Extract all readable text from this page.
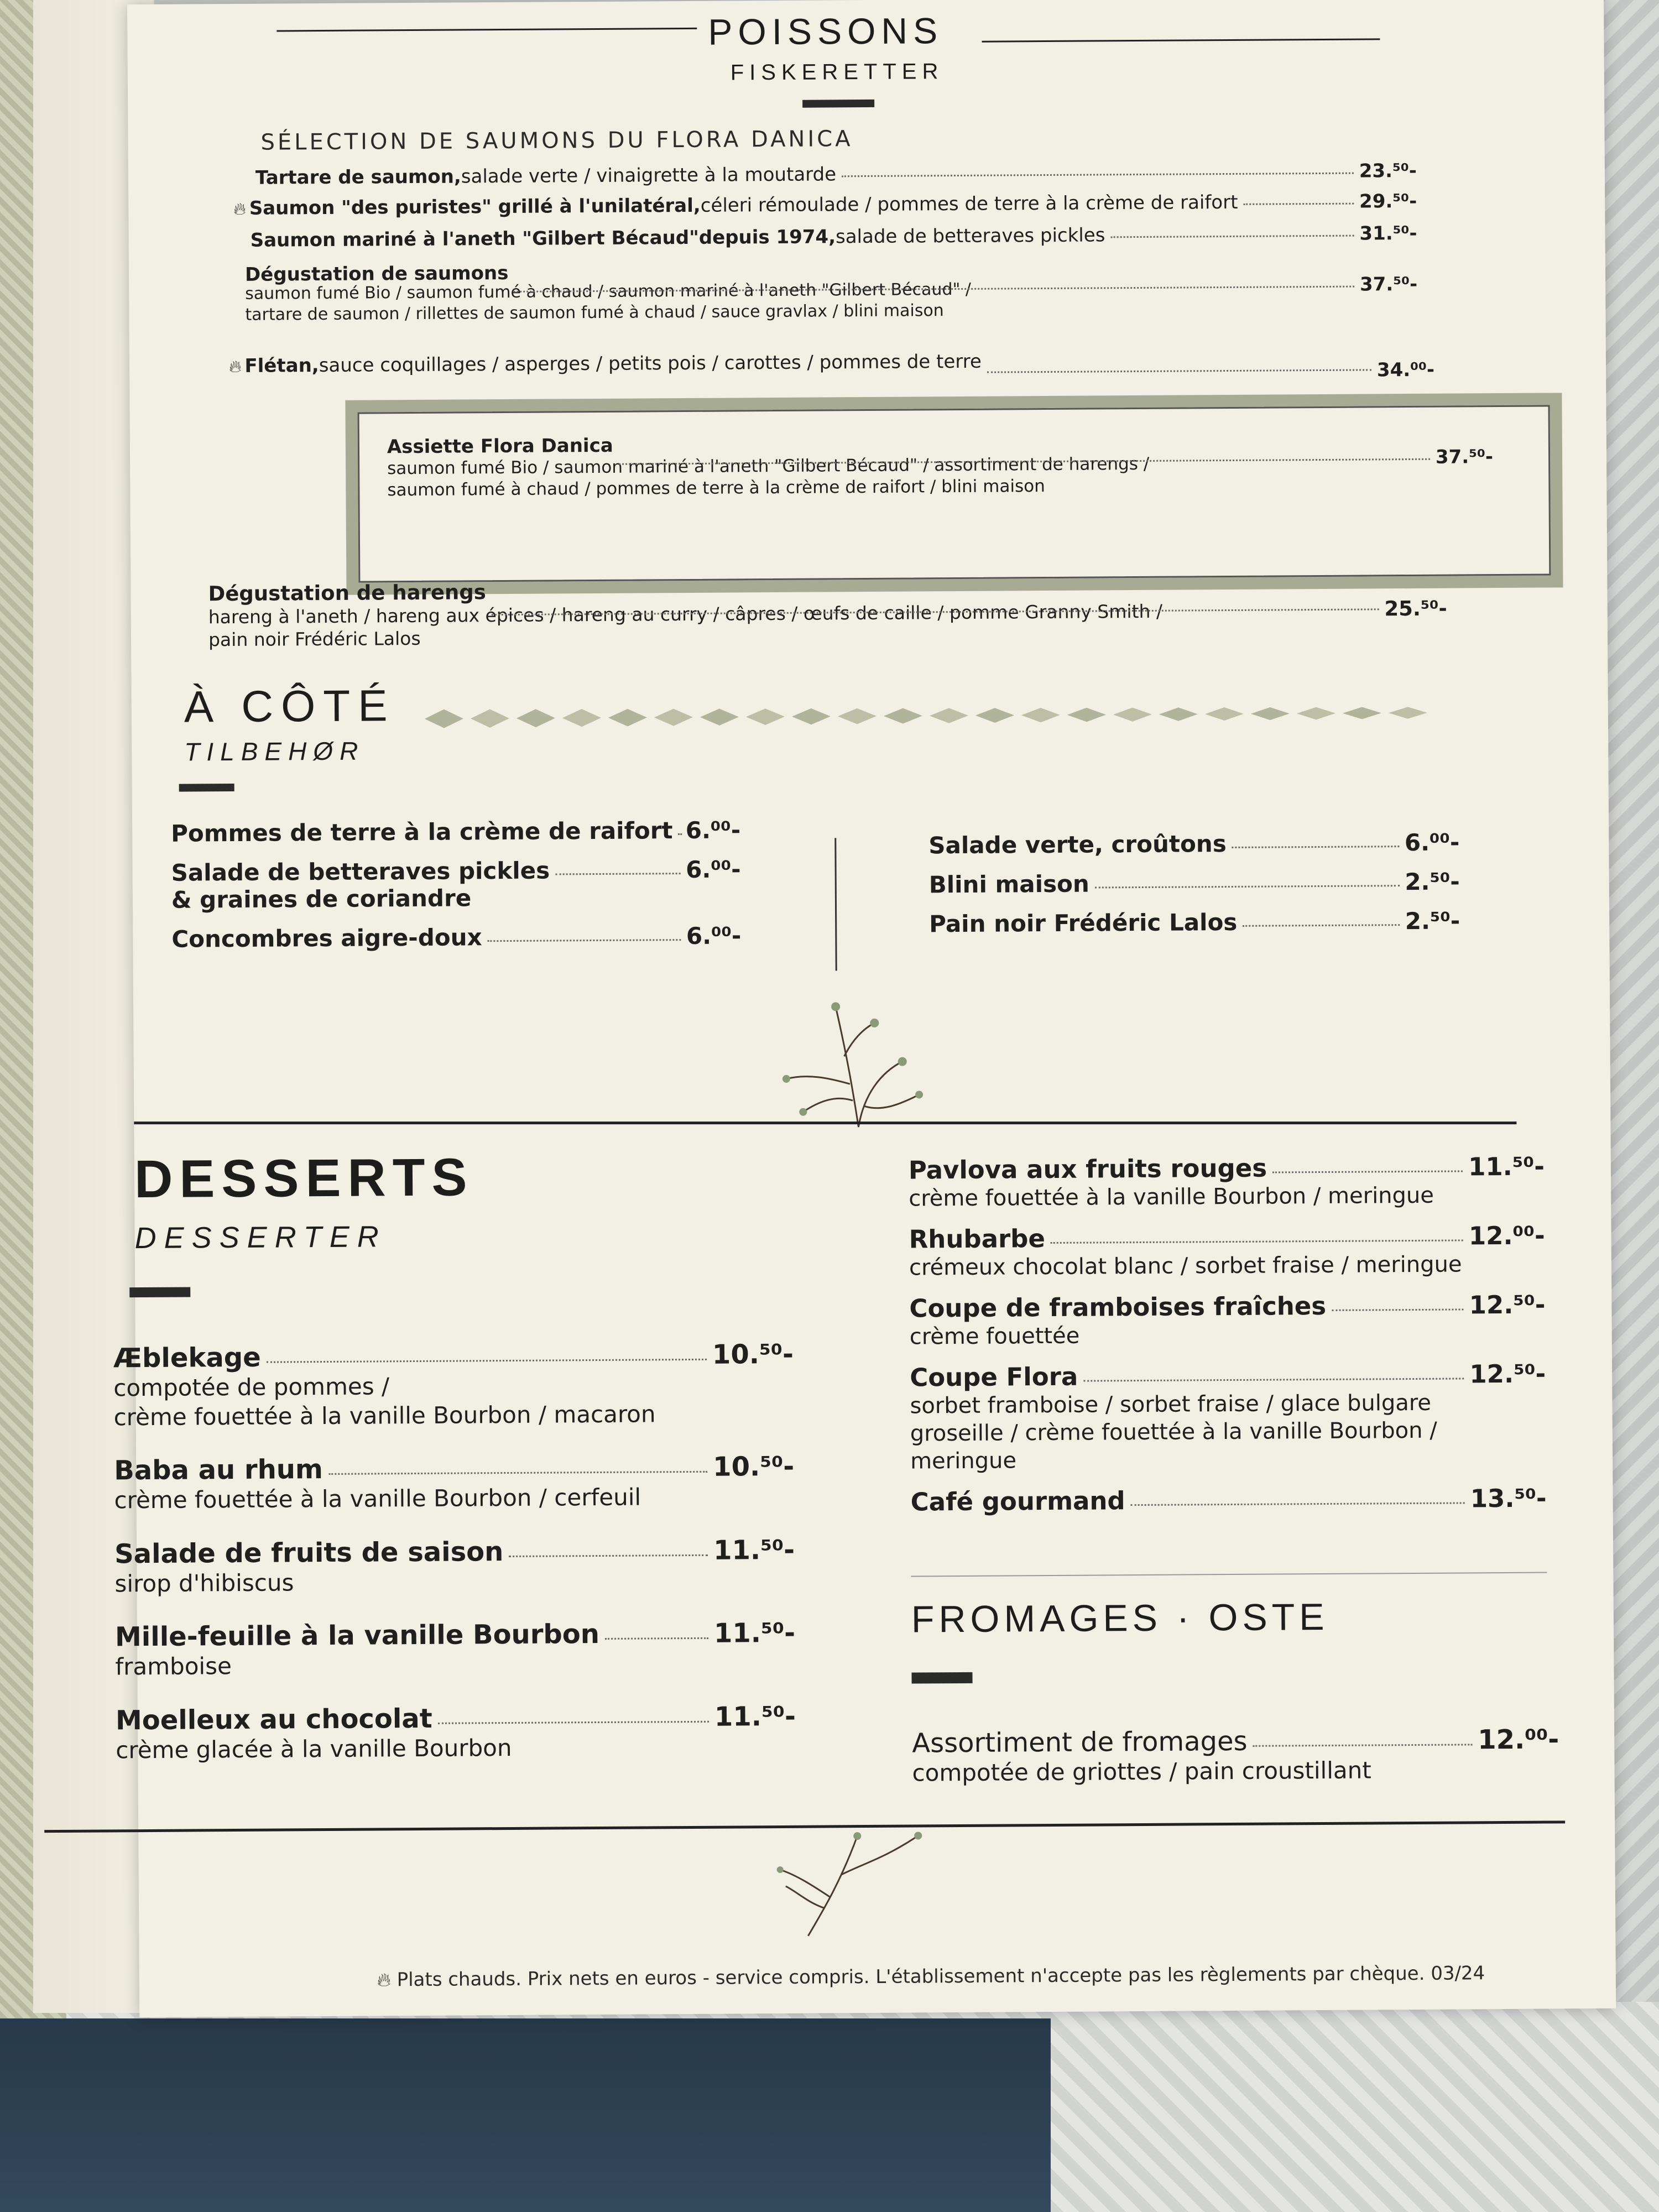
POISSONS
FISKERETTER
SÉLECTION DE SAUMONS DU FLORA DANICA
Tartare de saumon, salade verte / vinaigrette à la moutarde	23.⁵⁰-
🔥︎ Saumon "des puristes" grillé à l'unilatéral, céleri rémoulade / pommes de terre à la crème de raifort	29.⁵⁰-
Saumon mariné à l'aneth "Gilbert Bécaud"depuis 1974, salade de betteraves pickles	31.⁵⁰-
Dégustation de saumons	37.⁵⁰-
saumon fumé Bio / saumon fumé à chaud / saumon mariné à l'aneth "Gilbert Bécaud" /
tartare de saumon / rillettes de saumon fumé à chaud / sauce gravlax / blini maison
🔥︎ Flétan, sauce coquillages / asperges / petits pois / carottes / pommes de terre	34.⁰⁰-
Assiette Flora Danica	37.⁵⁰-
saumon fumé Bio / saumon mariné à l'aneth "Gilbert Bécaud" / assortiment de harengs /
saumon fumé à chaud / pommes de terre à la crème de raifort / blini maison
Dégustation de harengs
25.⁵⁰-
hareng à l'aneth / hareng aux épices / hareng au curry / câpres / œufs de caille / pomme Granny Smith /
pain noir Frédéric Lalos
À CÔTÉ
TILBEHØR
Pommes de terre à la crème de raifort 6.⁰⁰-
Salade de betteraves pickles
& graines de coriandre
6.⁰⁰-
Concombres aigre-doux	6.⁰⁰-
Salade verte, croûtons	6.⁰⁰-
Blini maison	2.⁵⁰-
Pain noir Frédéric Lalos	2.⁵⁰-
DESSERTS
DESSERTER
Æblekage	10.⁵⁰-
compotée de pommes /
crème fouettée à la vanille Bourbon / macaron
Baba au rhum	10.⁵⁰-
crème fouettée à la vanille Bourbon / cerfeuil
Salade de fruits de saison	11.⁵⁰-
sirop d'hibiscus
Mille-feuille à la vanille Bourbon	11.⁵⁰-
framboise
Moelleux au chocolat	11.⁵⁰-
crème glacée à la vanille Bourbon
Pavlova aux fruits rouges	11.⁵⁰-
crème fouettée à la vanille Bourbon / meringue
Rhubarbe	12.⁰⁰-
crémeux chocolat blanc / sorbet fraise / meringue
Coupe de framboises fraîches	12.⁵⁰-
crème fouettée
Coupe Flora	12.⁵⁰-
sorbet framboise / sorbet fraise / glace bulgare
groseille / crème fouettée à la vanille Bourbon /
meringue
Café gourmand	13.⁵⁰-
FROMAGES · OSTE
Assortiment de fromages	12.⁰⁰-
compotée de griottes / pain croustillant
🔥︎ Plats chauds. Prix nets en euros - service compris. L'établissement n'accepte pas les règlements par chèque. 03/24
